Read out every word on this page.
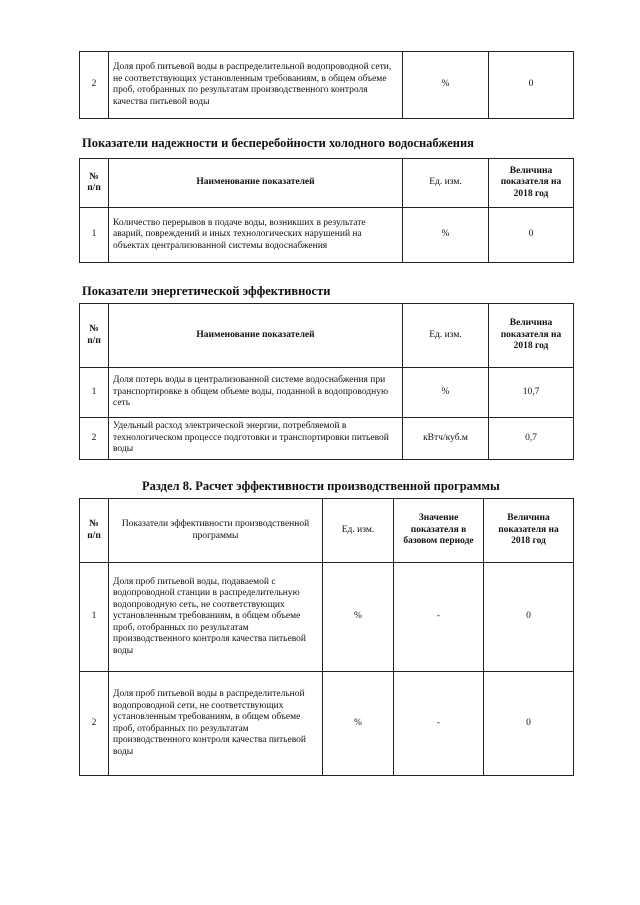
2	Доля проб питьевой воды в распределительной водопроводной сети, не соответствующих установленным требованиям, в общем объеме проб, отобранных по результатам производственного контроля качества питьевой воды	%	0
Показатели надежности и бесперебойности холодного водоснабжения
№ п/п	Наименование показателей	Ед. изм.	Величина показателя на 2018 год
1	Количество перерывов в подаче воды, возникших в результате аварий, повреждений и иных технологических нарушений на объектах централизованной системы водоснабжения	%	0
Показатели энергетической эффективности
№ п/п	Наименование показателей	Ед. изм.	Величина показателя на 2018 год
1	Доля потерь воды в централизованной системе водоснабжения при транспортировке в общем объеме воды, поданной в водопроводную сеть	%	10,7
2	Удельный расход электрической энергии, потребляемой в технологическом процессе подготовки и транспортировки питьевой воды	кВтч/куб.м	0,7
Раздел 8. Расчет эффективности производственной программы
№ п/п	Показатели эффективности производственной программы	Ед. изм.	Значение показателя в базовом периоде	Величина показателя на 2018 год
1	Доля проб питьевой воды, подаваемой с водопроводной станции в распределительную водопроводную сеть, не соответствующих установленным требованиям, в общем объеме проб, отобранных по результатам производственного контроля качества питьевой воды	%	-	0
2	Доля проб питьевой воды в распределительной водопроводной сети, не соответствующих установленным требованиям, в общем объеме проб, отобранных по результатам производственного контроля качества питьевой воды	%	-	0
